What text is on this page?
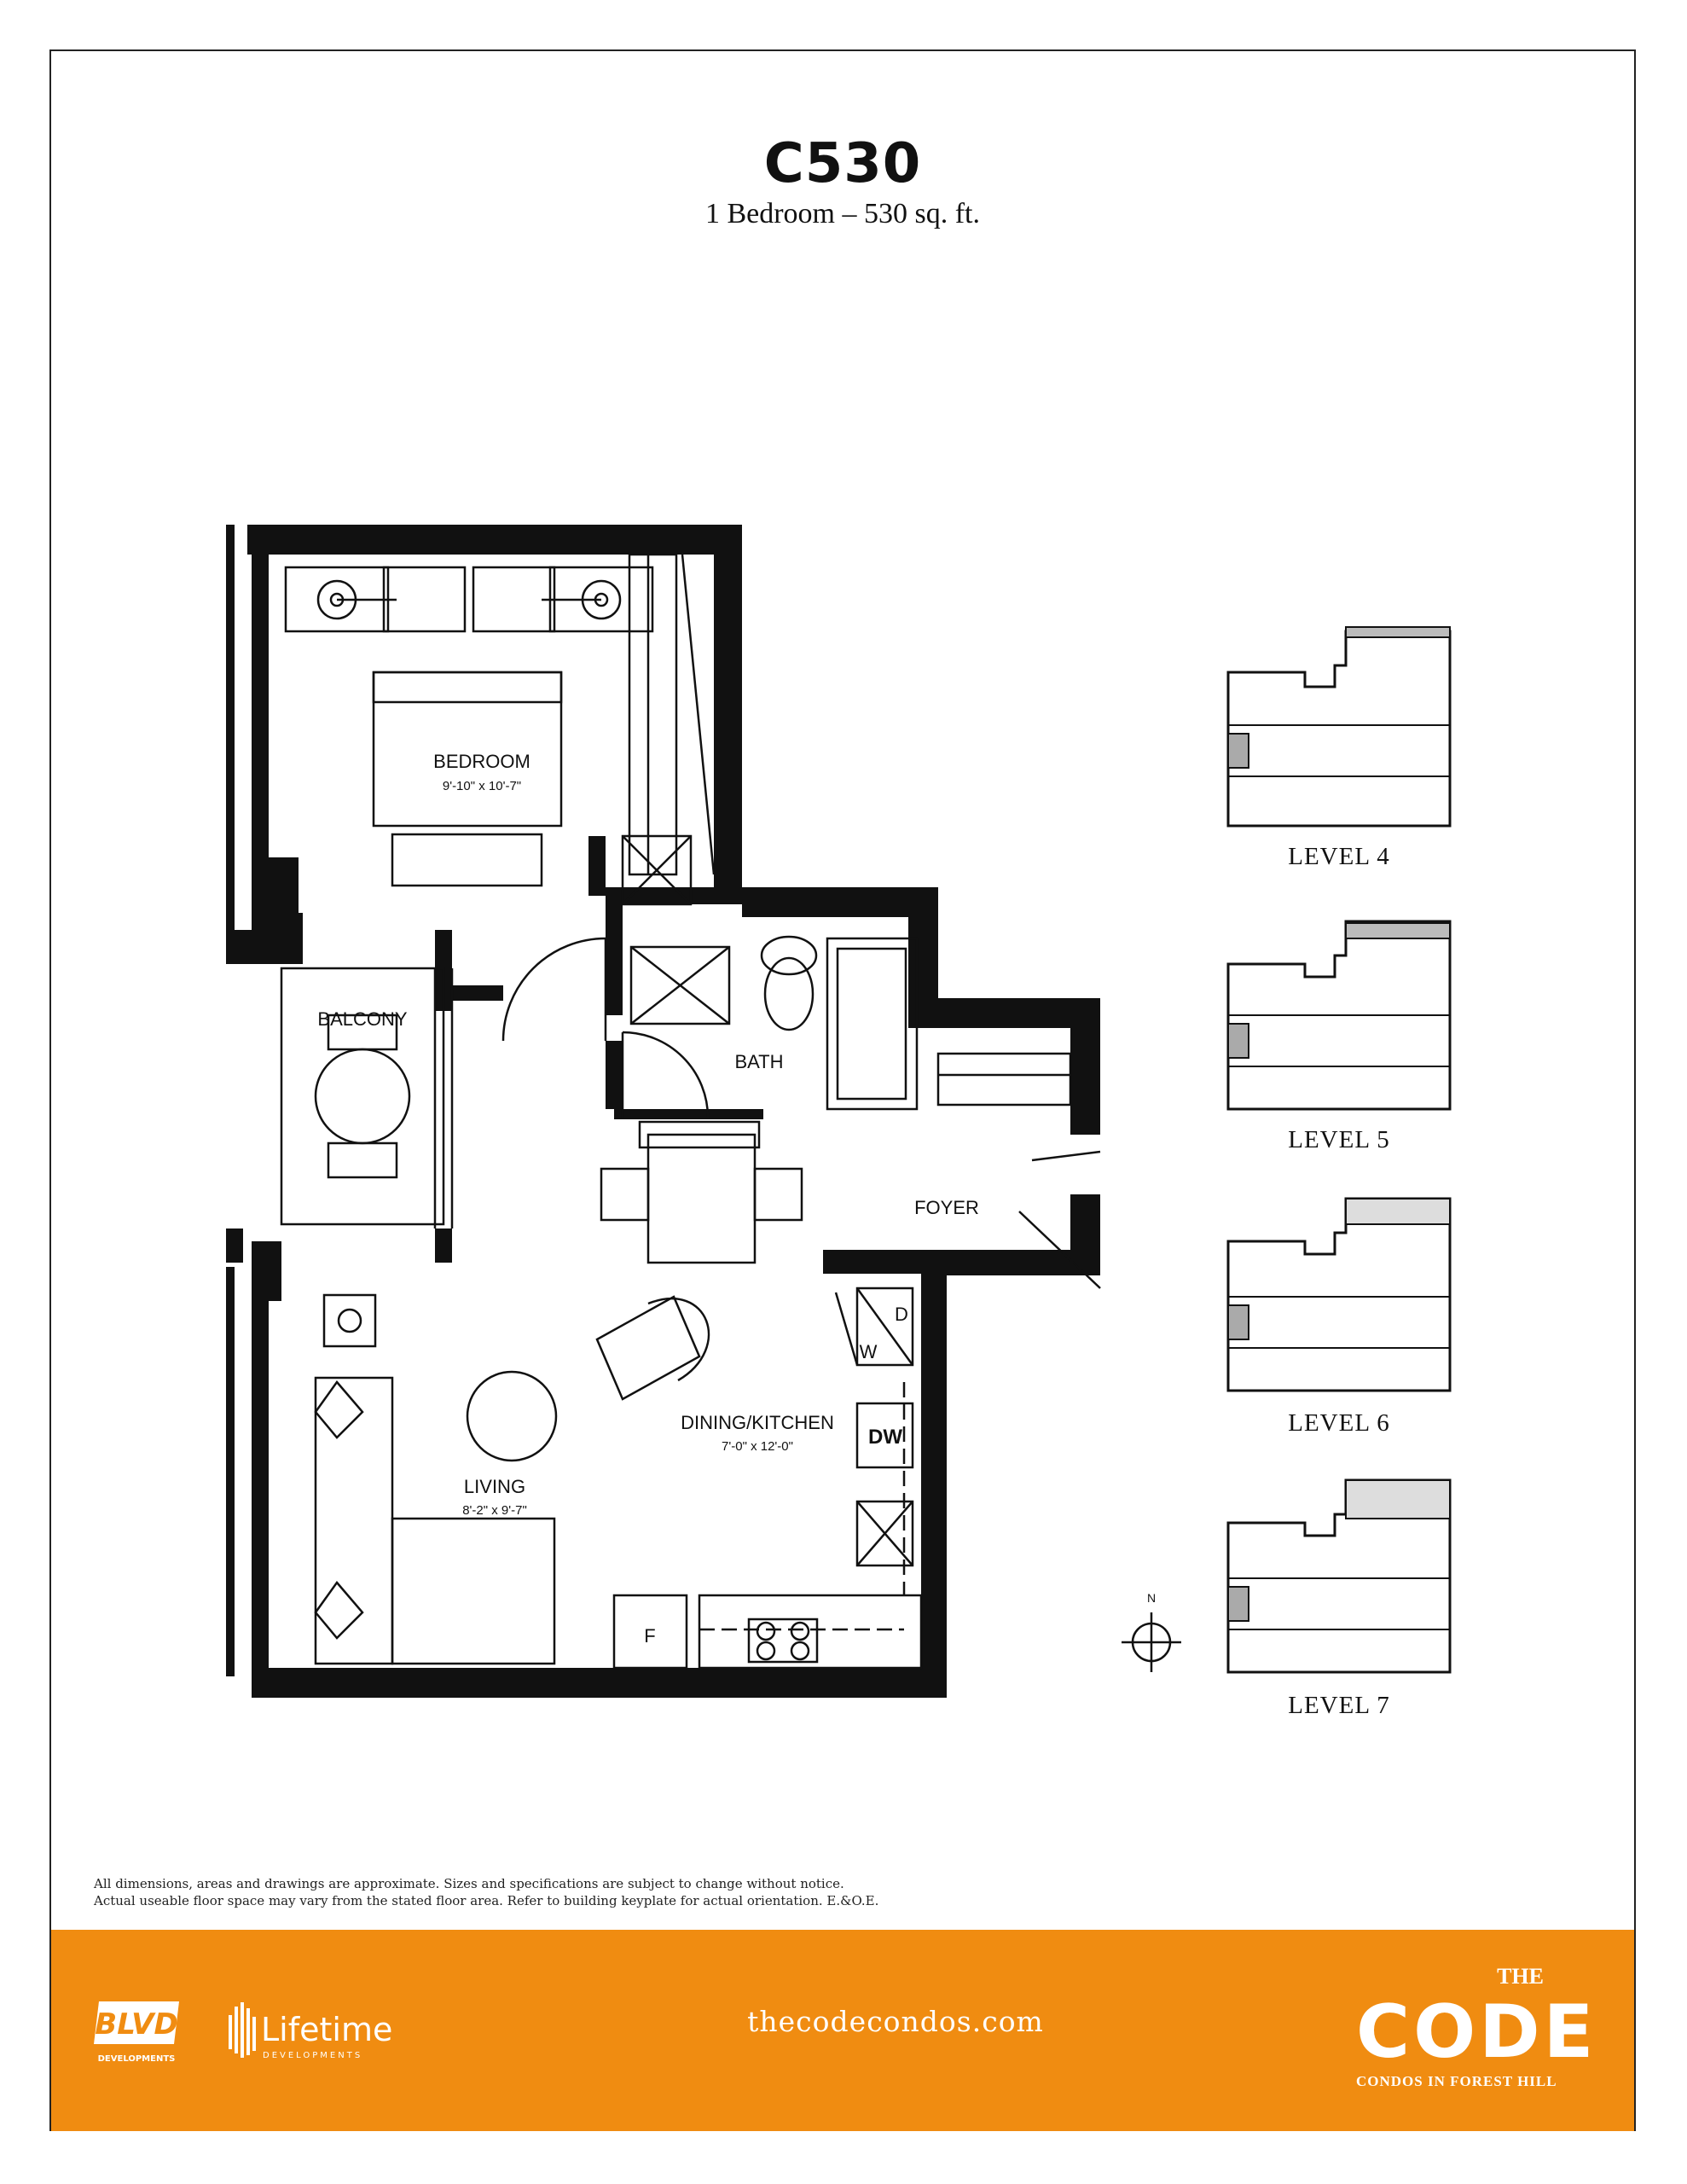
C530
1 Bedroom – 530 sq. ft.
BEDROOM
9'-10" x 10'-7"
BALCONY
BATH
FOYER
DINING/KITCHEN
7'-0" x 12'-0"
LIVING
8'-2" x 9'-7"
DW
W
D
F
N
LEVEL 4
LEVEL 5
LEVEL 6
LEVEL 7
All dimensions, areas and drawings are approximate. Sizes and specifications are subject to change without notice.
Actual useable floor space may vary from the stated floor area. Refer to building keyplate for actual orientation. E.&O.E.
BLVD
DEVELOPMENTS
Lifetime
DEVELOPMENTS
thecodecondos.com
THE
CODE
CONDOS IN FOREST HILL
